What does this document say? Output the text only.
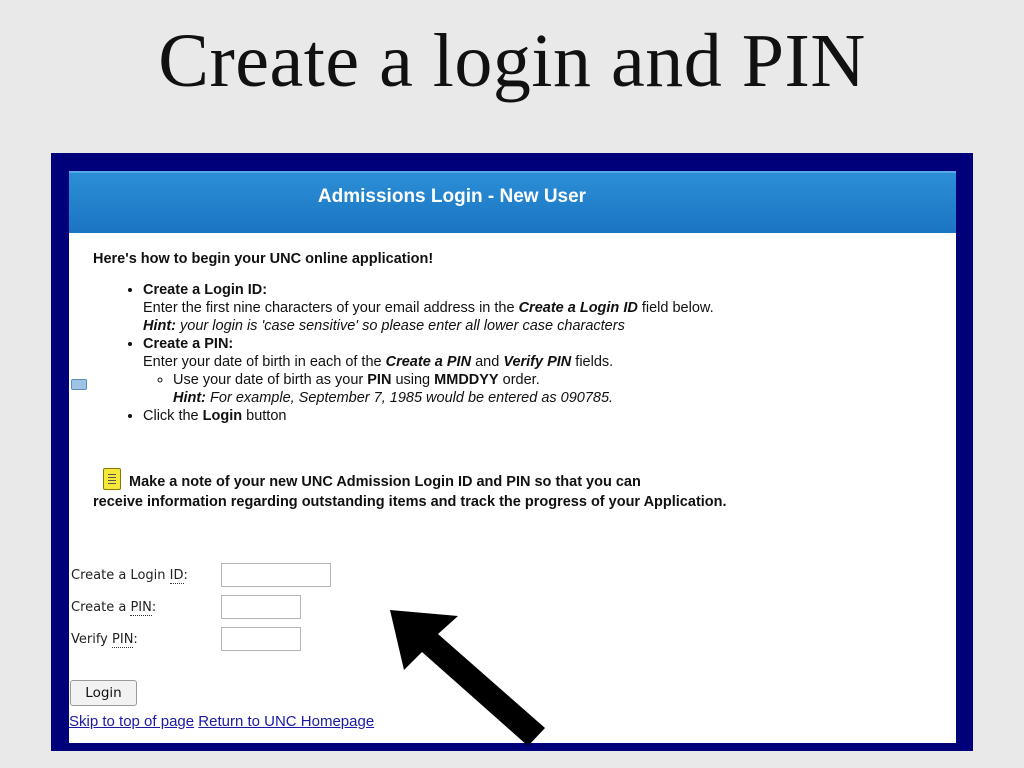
Create a login and PIN
Admissions Login - New User

Here's how to begin your UNC online application!

• Create a Login ID:
Enter the first nine characters of your email address in the Create a Login ID field below.
Hint: your login is 'case sensitive' so please enter all lower case characters
• Create a PIN:
Enter your date of birth in each of the Create a PIN and Verify PIN fields.
◦ Use your date of birth as your PIN using MMDDYY order.
Hint: For example, September 7, 1985 would be entered as 090785.
• Click the Login button
Make a note of your new UNC Admission Login ID and PIN so that you can
receive information regarding outstanding items and track the progress of your Application.
Create a Login ID:
Create a PIN:
Verify PIN:
Login
Skip to top of page Return to UNC Homepage
